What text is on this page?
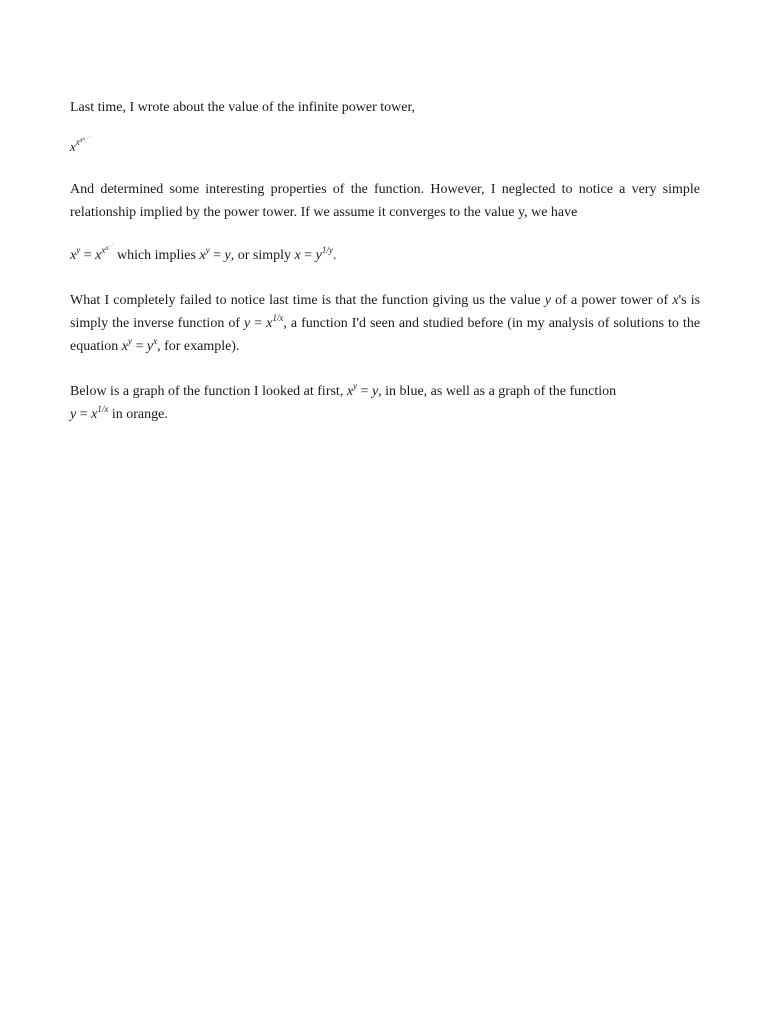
Last time, I wrote about the value of the infinite power tower,

$x^{x^{x^{x⋰}}}$

And determined some interesting properties of the function. However, I neglected to notice a very simple relationship implied by the power tower. If we assume it converges to the value y, we have

$x^y = x^{x^{x^⋰}}$ which implies $x^y = y$, or simply $x = y^{1/y}$.

What I completely failed to notice last time is that the function giving us the value y of a power tower of x's is simply the inverse function of $y = x^{1/x}$, a function I'd seen and studied before (in my analysis of solutions to the equation $x^y = y^x$, for example).

Below is a graph of the function I looked at first, $x^y = y$, in blue, as well as a graph of the function
$y = x^{1/x}$ in orange.
